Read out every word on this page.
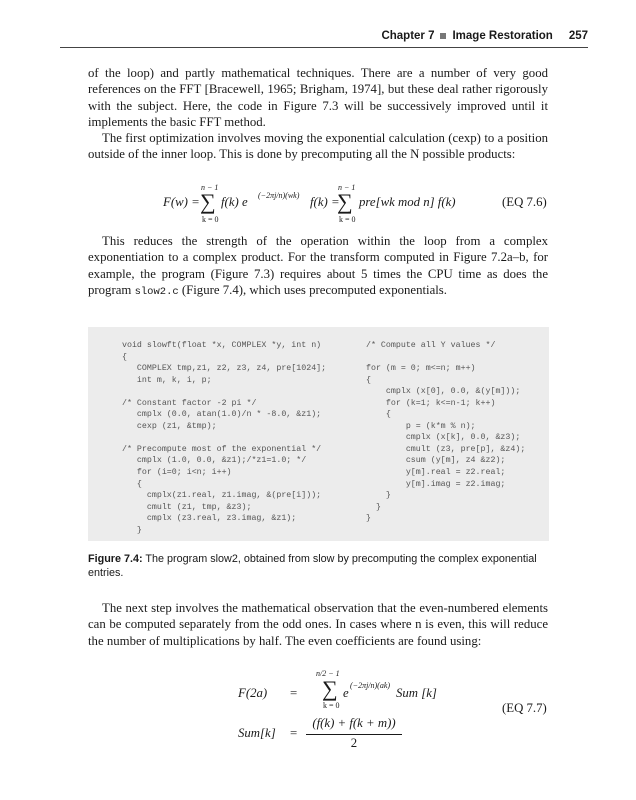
Chapter 7 Image Restoration 257

of the loop) and partly mathematical techniques. There are a number of very good references on the FFT [Bracewell, 1965; Brigham, 1974], but these deal rather rigorously with the subject. Here, the code in Figure 7.3 will be successively improved until it implements the basic FFT method.

The first optimization involves moving the exponential calculation (cexp) to a position outside of the inner loop. This is done by precomputing all the N possible products:

F(w) =
n − 1
∑
k = 0
f(k) e (−2πj/n)(wk) f(k) =
n − 1
∑
k = 0
pre[wk mod n] f(k)	(EQ 7.6)

This reduces the strength of the operation within the loop from a complex exponentiation to a complex product. For the transform computed in Figure 7.2a–b, for example, the program (Figure 7.3) requires about 5 times the CPU time as does the program slow2.c (Figure 7.4), which uses precomputed exponentials.

void slowft(float *x, COMPLEX *y, int n)
{
COMPLEX tmp,z1, z2, z3, z4, pre[1024];
int m, k, i, p;

/* Constant factor -2 pi */
cmplx (0.0, atan(1.0)/n * -8.0, &z1);
cexp (z1, &tmp);

/* Precompute most of the exponential */
cmplx (1.0, 0.0, &z1);/*z1=1.0; */
for (i=0; i<n; i++)
{
cmplx(z1.real, z1.imag, &(pre[i]));
cmult (z1, tmp, &z3);
cmplx (z3.real, z3.imag, &z1);
}
/* Compute all Y values */

for (m = 0; m<=n; m++)
{
cmplx (x[0], 0.0, &(y[m]));
for (k=1; k<=n-1; k++)
{
p = (k*m % n);
cmplx (x[k], 0.0, &z3);
cmult (z3, pre[p], &z4);
csum (y[m], z4 &z2);
y[m].real = z2.real;
y[m].imag = z2.imag;
}
}
}
Figure 7.4: The program slow2, obtained from slow by precomputing the complex exponential entries.

The next step involves the mathematical observation that the even-numbered elements can be computed separately from the odd ones. In cases where n is even, this will reduce the number of multiplications by half. The even coefficients are found using:

F(2a) =
n/2 − 1
∑
k = 0
e
(−2πj/n)(ak)
Sum [k]
(EQ 7.7)
Sum[k] =
(f(k) + f(k + m))
2
